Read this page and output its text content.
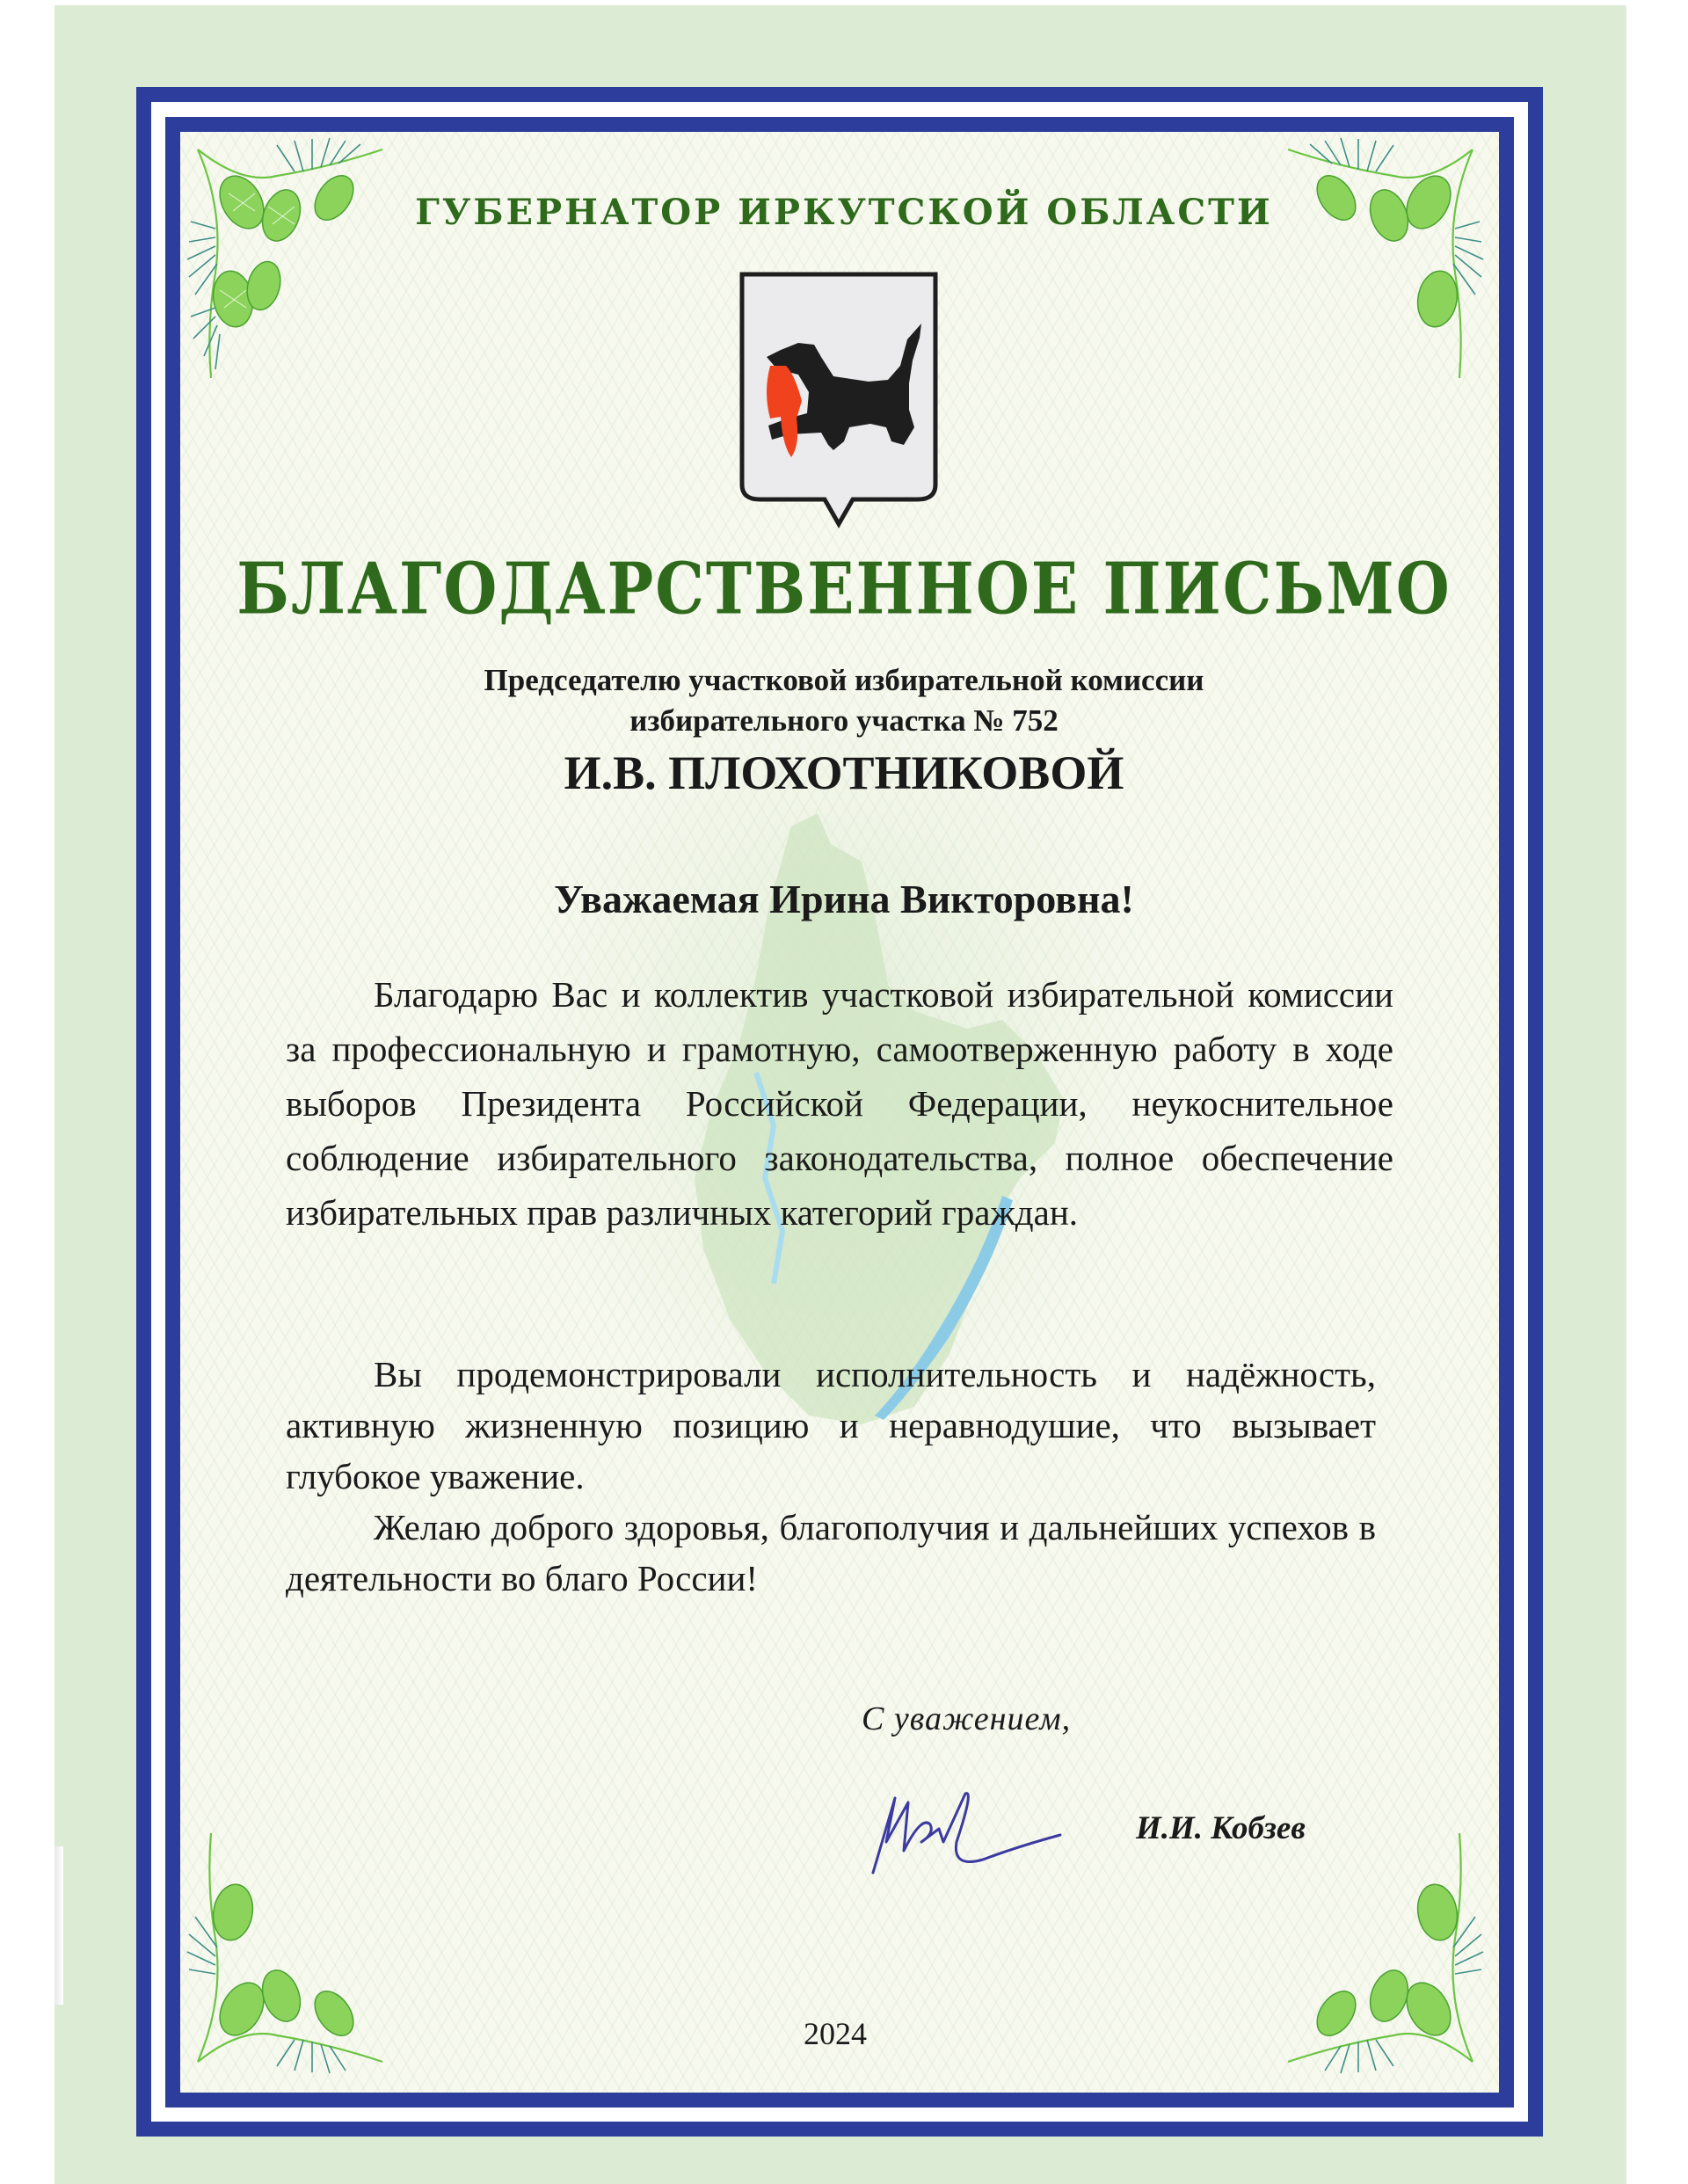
ГУБЕРНАТОР ИРКУТСКОЙ ОБЛАСТИ
БЛАГОДАРСТВЕННОЕ ПИСЬМО
Председателю участковой избирательной комиссии
избирательного участка № 752
И.В. ПЛОХОТНИКОВОЙ
Уважаемая Ирина Викторовна!

Благодарю Вас и коллектив участковой избирательной комиссии за профессиональную и грамотную, самоотверженную работу в ходе выборов Президента Российской Федерации, неукоснительное соблюдение избирательного законодательства, полное обеспечение избирательных прав различных категорий граждан.

Вы продемонстрировали исполнительность и надёжность, активную жизненную позицию и неравнодушие, что вызывает глубокое уважение.

Желаю доброго здоровья, благополучия и дальнейших успехов в деятельности во благо России!

С уважением,
И.И. Кобзев
2024
